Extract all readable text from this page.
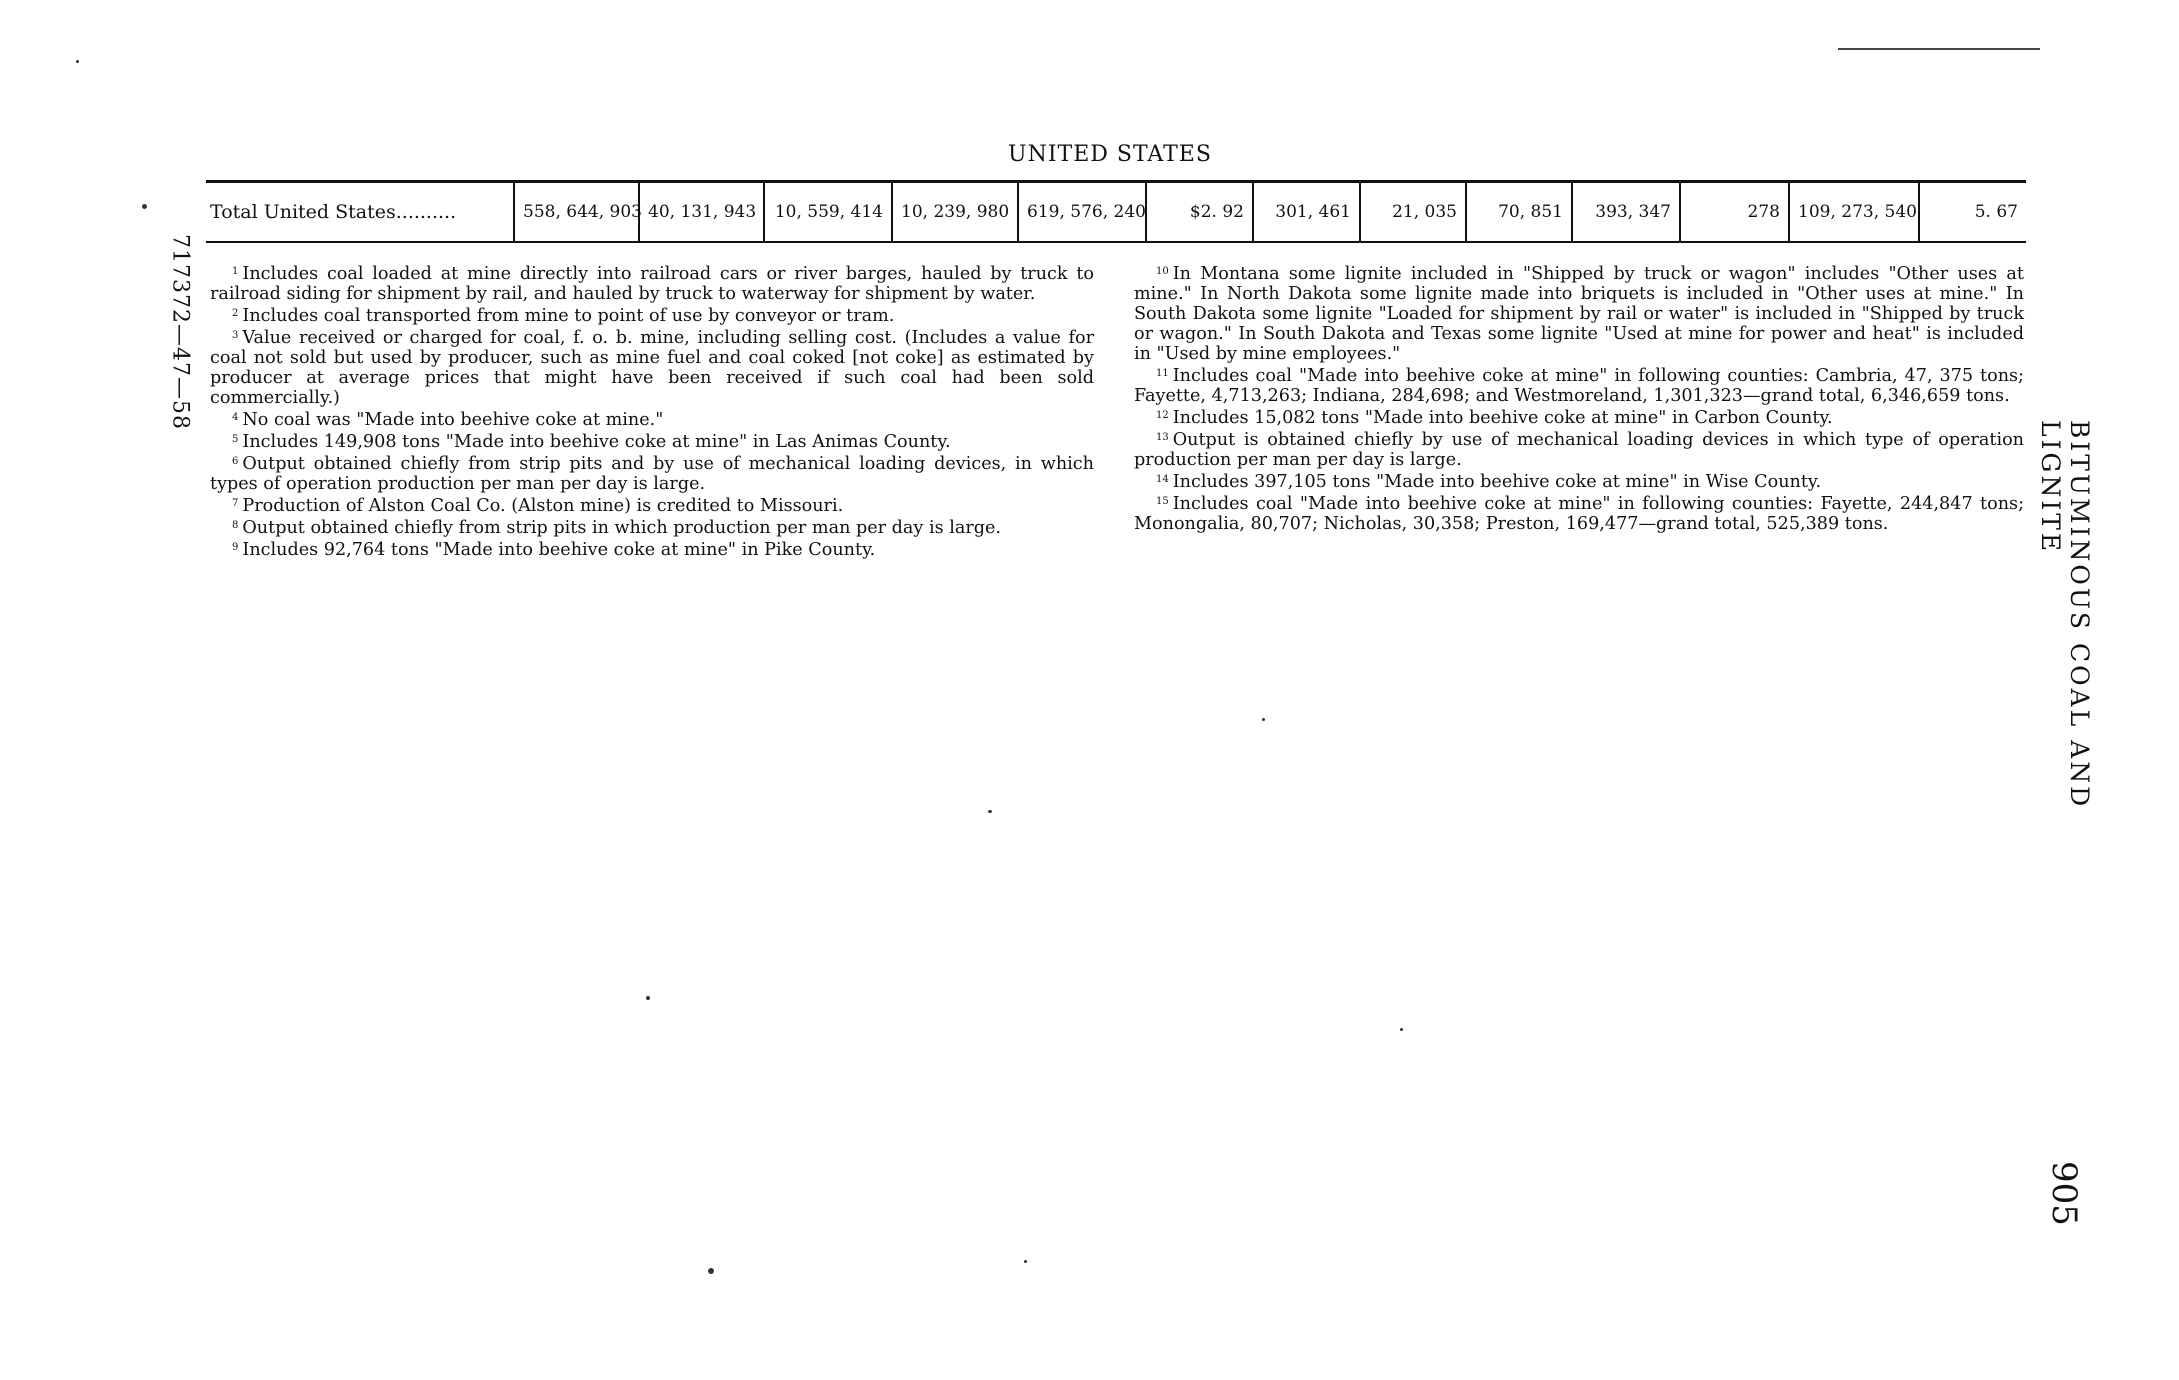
UNITED STATES
717372—47—58
Total United States..........	558, 644, 903	40, 131, 943	10, 559, 414	10, 239, 980	619, 576, 240	$2. 92	301, 461	21, 035	70, 851	393, 347	278	109, 273, 540	5. 67

$^1$ Includes coal loaded at mine directly into railroad cars or river barges, hauled by truck to railroad siding for shipment by rail, and hauled by truck to waterway for shipment by water.

$^2$ Includes coal transported from mine to point of use by conveyor or tram.

$^3$ Value received or charged for coal, f. o. b. mine, including selling cost. (Includes a value for coal not sold but used by producer, such as mine fuel and coal coked [not coke] as estimated by producer at average prices that might have been received if such coal had been sold commercially.)

$^4$ No coal was "Made into beehive coke at mine."

$^5$ Includes 149,908 tons "Made into beehive coke at mine" in Las Animas County.

$^6$ Output obtained chiefly from strip pits and by use of mechanical loading devices, in which types of operation production per man per day is large.

$^7$ Production of Alston Coal Co. (Alston mine) is credited to Missouri.

$^8$ Output obtained chiefly from strip pits in which production per man per day is large.

$^9$ Includes 92,764 tons "Made into beehive coke at mine" in Pike County.

$^{10}$ In Montana some lignite included in "Shipped by truck or wagon" includes "Other uses at mine." In North Dakota some lignite made into briquets is included in "Other uses at mine." In South Dakota some lignite "Loaded for shipment by rail or water" is included in "Shipped by truck or wagon." In South Dakota and Texas some lignite "Used at mine for power and heat" is included in "Used by mine employees."

$^{11}$ Includes coal "Made into beehive coke at mine" in following counties: Cambria, 47, 375 tons; Fayette, 4,713,263; Indiana, 284,698; and Westmoreland, 1,301,323—grand total, 6,346,659 tons.

$^{12}$ Includes 15,082 tons "Made into beehive coke at mine" in Carbon County.

$^{13}$ Output is obtained chiefly by use of mechanical loading devices in which type of operation production per man per day is large.

$^{14}$ Includes 397,105 tons "Made into beehive coke at mine" in Wise County.

$^{15}$ Includes coal "Made into beehive coke at mine" in following counties: Fayette, 244,847 tons; Monongalia, 80,707; Nicholas, 30,358; Preston, 169,477—grand total, 525,389 tons.	BITUMINOUS COAL AND LIGNITE
905
